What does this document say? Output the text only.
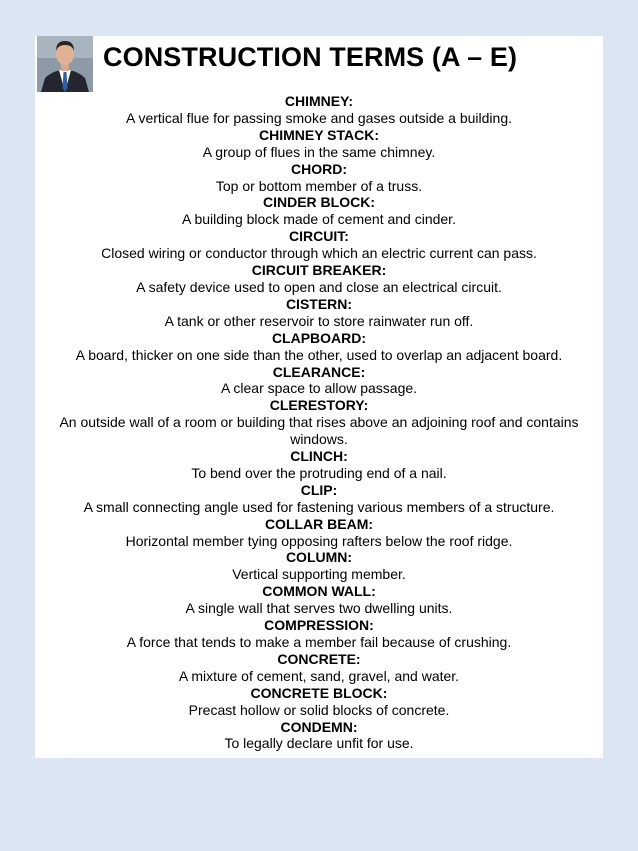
CONSTRUCTION TERMS (A – E)
CHIMNEY:
A vertical flue for passing smoke and gases outside a building.
CHIMNEY STACK:
A group of flues in the same chimney.
CHORD:
Top or bottom member of a truss.
CINDER BLOCK:
A building block made of cement and cinder.
CIRCUIT:
Closed wiring or conductor through which an electric current can pass.
CIRCUIT BREAKER:
A safety device used to open and close an electrical circuit.
CISTERN:
A tank or other reservoir to store rainwater run off.
CLAPBOARD:
A board, thicker on one side than the other, used to overlap an adjacent board.
CLEARANCE:
A clear space to allow passage.
CLERESTORY:
An outside wall of a room or building that rises above an adjoining roof and contains windows.
CLINCH:
To bend over the protruding end of a nail.
CLIP:
A small connecting angle used for fastening various members of a structure.
COLLAR BEAM:
Horizontal member tying opposing rafters below the roof ridge.
COLUMN:
Vertical supporting member.
COMMON WALL:
A single wall that serves two dwelling units.
COMPRESSION:
A force that tends to make a member fail because of crushing.
CONCRETE:
A mixture of cement, sand, gravel, and water.
CONCRETE BLOCK:
Precast hollow or solid blocks of concrete.
CONDEMN:
To legally declare unfit for use.
